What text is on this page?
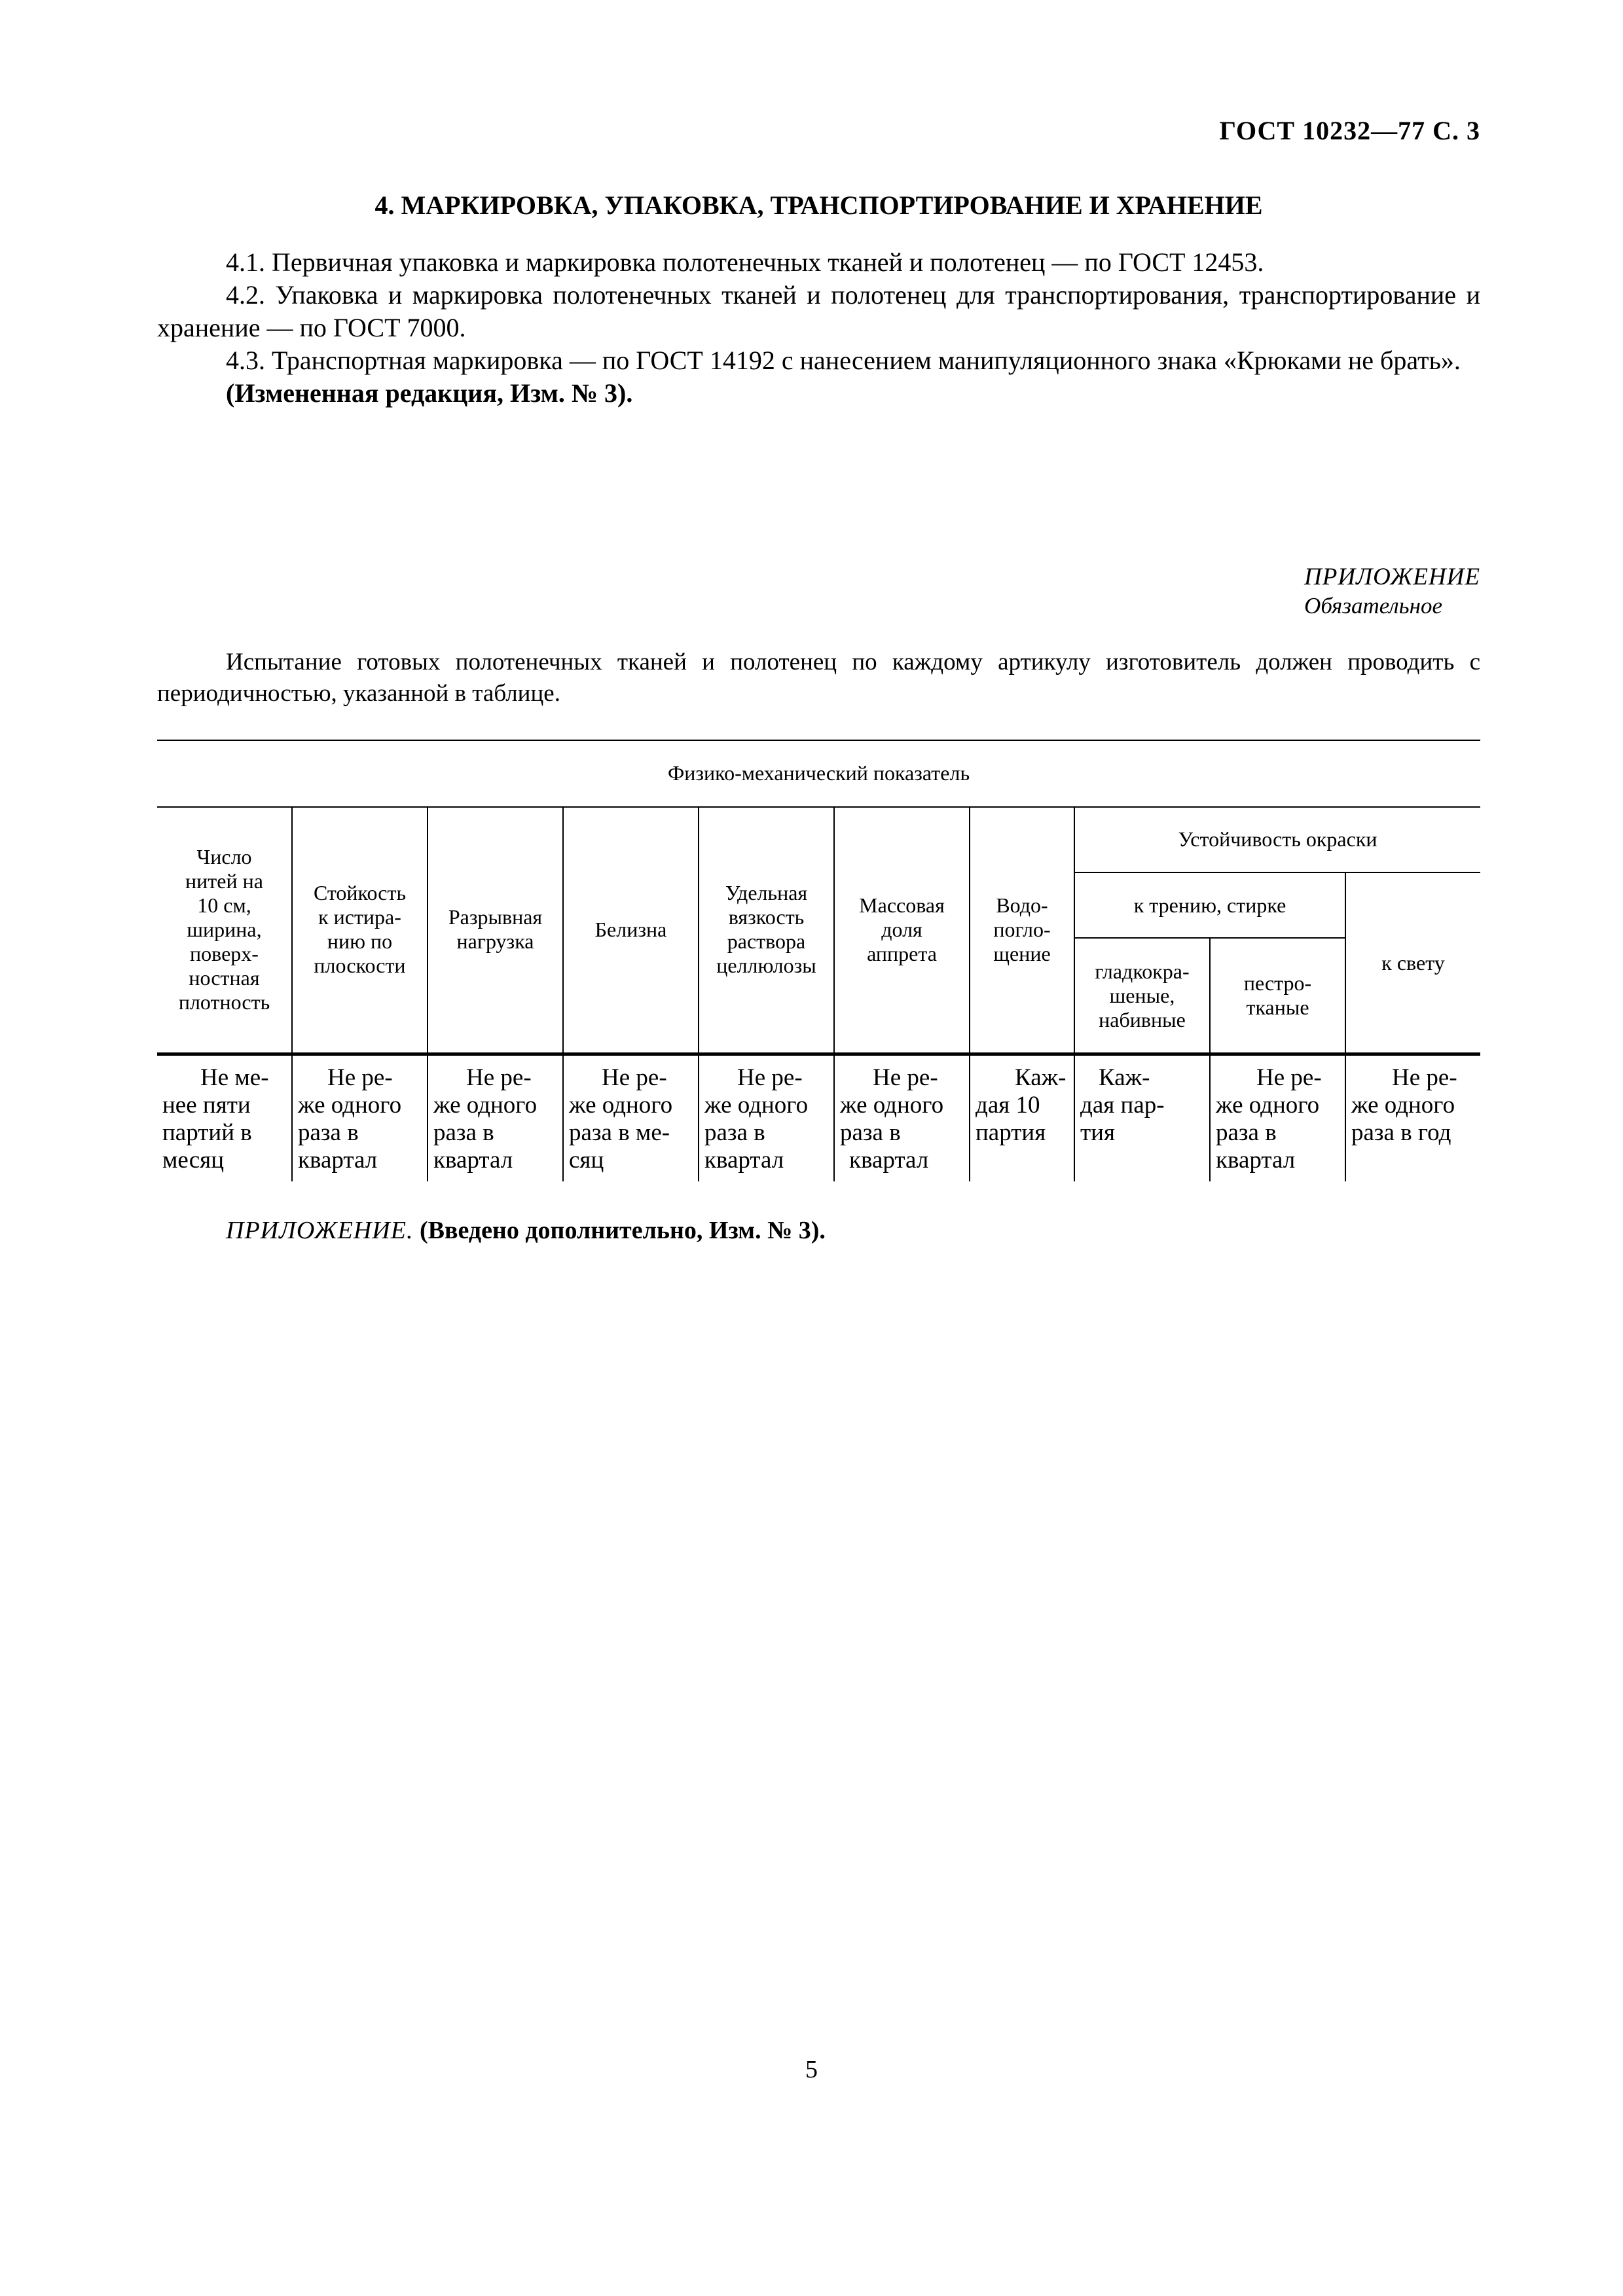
ГОСТ 10232—77 С. 3
4. МАРКИРОВКА, УПАКОВКА, ТРАНСПОРТИРОВАНИЕ И ХРАНЕНИЕ

4.1. Первичная упаковка и маркировка полотенечных тканей и полотенец — по ГОСТ 12453.

4.2. Упаковка и маркировка полотенечных тканей и полотенец для транспортирования, транспортирование и хранение — по ГОСТ 7000.

4.3. Транспортная маркировка — по ГОСТ 14192 с нанесением манипуляционного знака «Крюками не брать».

(Измененная редакция, Изм. № 3).

ПРИЛОЖЕНИЕ
Обязательное
Испытание готовых полотенечных тканей и полотенец по каждому артикулу изготовитель должен проводить с периодичностью, указанной в таблице.
Физико-механический показатель
Число
нитей на
10 см,
ширина,
поверх-
ностная
плотность
Стойкость
к истира-
нию по
плоскости
Разрывная
нагрузка
Белизна
Удельная
вязкость
раствора
целлюлозы
Массовая
доля
аппрета
Водо-
погло-
щение
Устойчивость окраски
к трению, стирке
к свету
гладкокра-
шеные,
набивные
пестро-
тканые
Не ме-
нее пяти
партий в
месяц
Не ре-
же одного
раза в
квартал
Не ре-
же одного
раза в
квартал
Не ре-
же одного
раза в ме-
сяц
Не ре-
же одного
раза в
квартал
Не ре-
же одного
раза в
квартал
Каж-
дая 10
партия
Каж-
дая пар-
тия
Не ре-
же одного
раза в
квартал
Не ре-
же одного
раза в год
ПРИЛОЖЕНИЕ. (Введено дополнительно, Изм. № 3).
5
